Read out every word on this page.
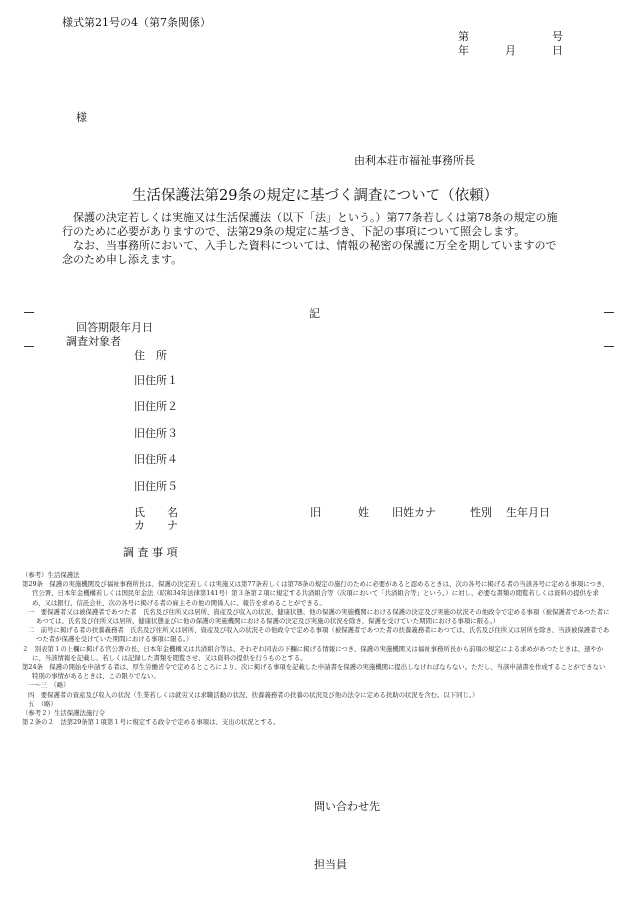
様式第21号の4（第7条関係）
第	号
年	月	日
様
由利本荘市福祉事務所長
生活保護法第29条の規定に基づく調査について（依頼）

保護の決定若しくは実施又は生活保護法（以下「法」という。）第77条若しくは第78条の規定の施行のために必要がありますので、法第29条の規定に基づき、下記の事項について照会します。

なお、当事務所において、入手した資料については、情報の秘密の保護に万全を期していますので念のため申し添えます。

記
回答期限年月日
調査対象者
住　所
旧住所１
旧住所２
旧住所３
旧住所４
旧住所５
氏　　名
カ　　ナ
旧	姓 旧姓カナ	性別 生年月日
調 査 事 項
（参考）生活保護法
第29条　保護の実施機関及び福祉事務所長は、保護の決定若しくは実施又は第77条若しくは第78条の規定の施行のために必要があると認めるときは、次の各号に掲げる者の当該各号に定める事項につき、官公署、日本年金機構若しくは国民年金法（昭和34年法律第141号）第３条第２項に規定する共済組合等（次項において「共済組合等」という。）に対し、必要な書類の閲覧若しくは資料の提供を求め、又は銀行、信託会社、次の各号に掲げる者の雇主その他の関係人に、報告を求めることができる。
一　要保護者又は被保護者であつた者　氏名及び住所又は居所、資産及び収入の状況、健康状態、他の保護の実施機関における保護の決定及び実施の状況その他政令で定める事項（被保護者であつた者にあつては、氏名及び住所又は居所、健康状態並びに他の保護の実施機関における保護の決定及び実施の状況を除き、保護を受けていた期間における事項に限る。）
二　前号に掲げる者の扶養義務者　氏名及び住所又は居所、資産及び収入の状況その他政令で定める事項（被保護者であつた者の扶養義務者にあつては、氏名及び住所又は居所を除き、当該被保護者であつた者が保護を受けていた期間における事項に限る。）
２　別表第１の上欄に掲げる官公署の長、日本年金機構又は共済組合等は、それぞれ同表の下欄に掲げる情報につき、保護の実施機関又は福祉事務所長から前項の規定による求めがあつたときは、速やかに、当該情報を記載し、若しくは記録した書類を閲覧させ、又は資料の提供を行うものとする。
第24条　保護の開始を申請する者は、厚生労働省令で定めるところにより、次に掲げる事項を記載した申請書を保護の実施機関に提出しなければならない。ただし、当該申請書を作成することができない特別の事情があるときは、この限りでない。
一～三　（略）
四　要保護者の資産及び収入の状況（生業若しくは就労又は求職活動の状況、扶養義務者の扶養の状況及び他の法令に定める扶助の状況を含む。以下同じ。）
五　（略）
（参考２）生活保護法施行令
第２条の２　法第29条第１項第１号に規定する政令で定める事項は、支出の状況とする。
問い合わせ先
担当員
